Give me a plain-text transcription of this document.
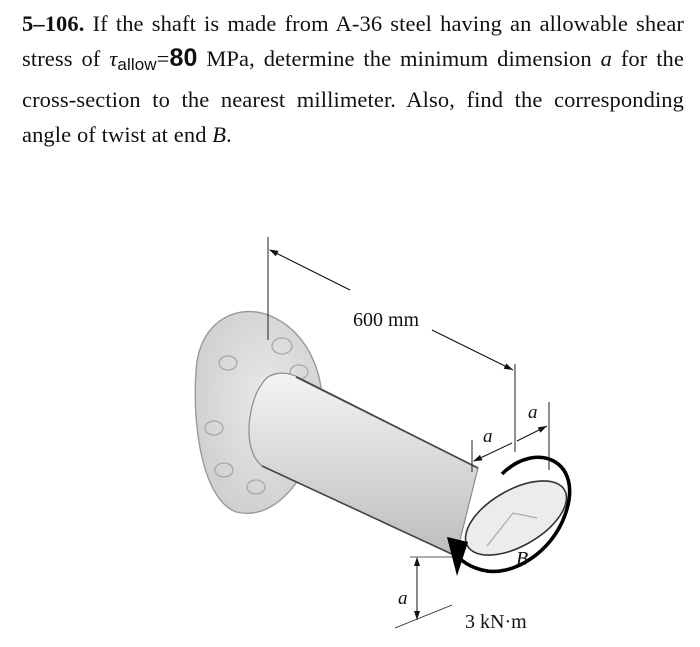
5–106. If the shaft is made from A-36 steel having an allowable shear stress of $\tau_{allow}=80$ MPa, determine the minimum dimension a for the cross-section to the nearest millimeter. Also, find the corresponding angle of twist at end B.
600 mm
a
a
a
B
3 kN·m
